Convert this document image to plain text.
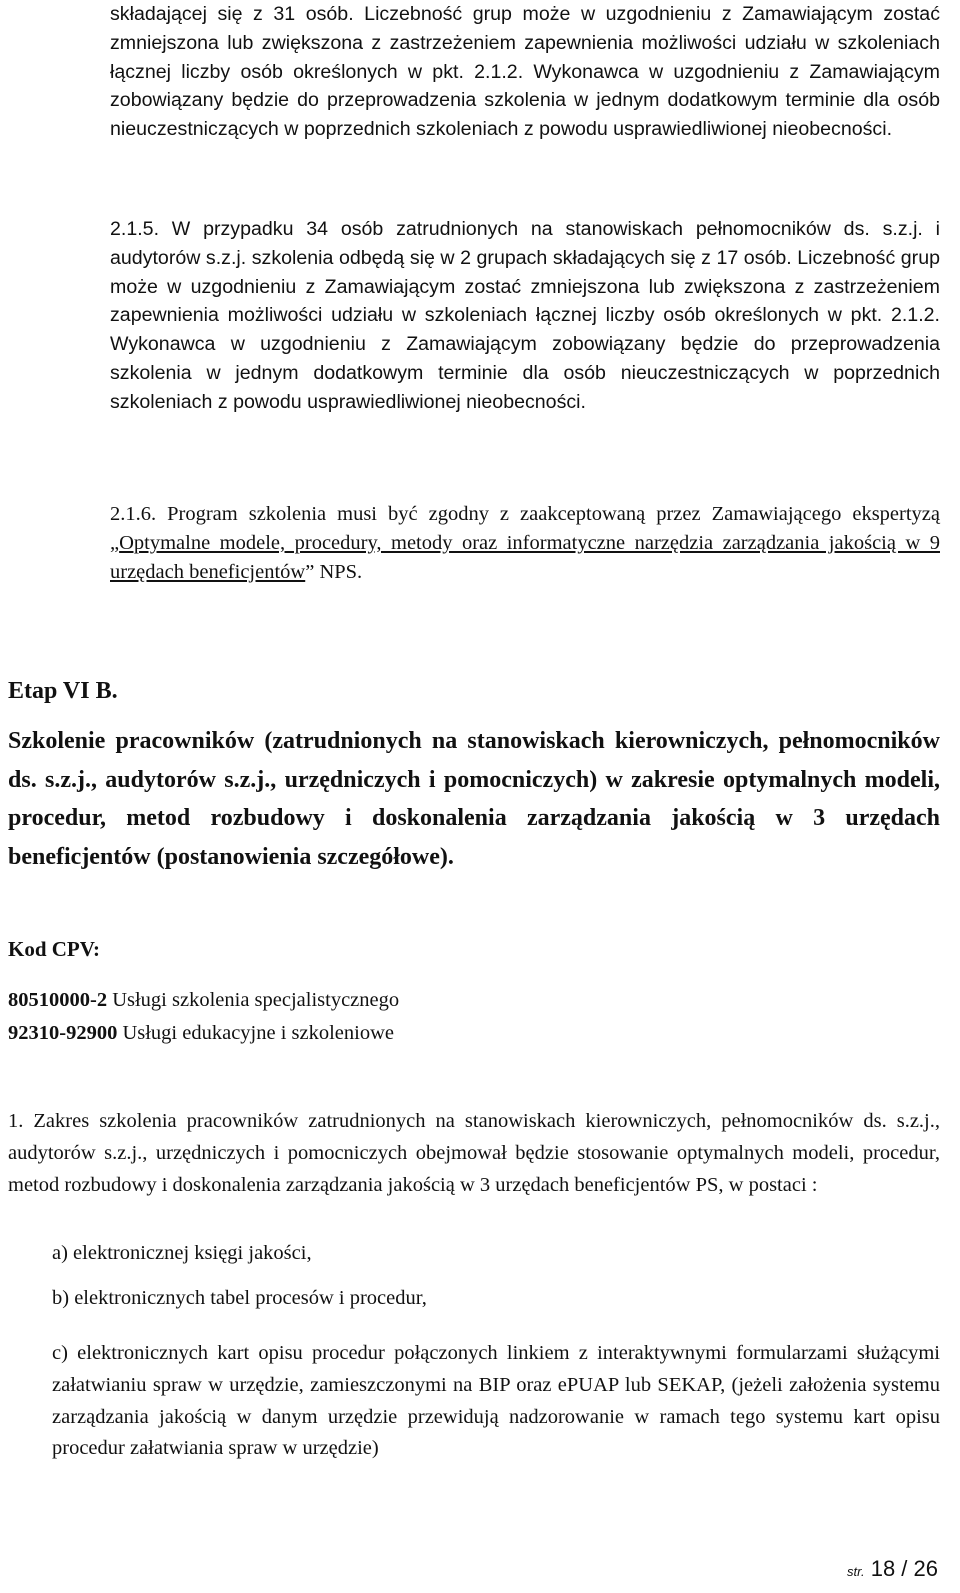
składającej się z 31 osób. Liczebność grup może w uzgodnieniu z Zamawiającym zostać zmniejszona lub zwiększona z zastrzeżeniem zapewnienia możliwości udziału w szkoleniach łącznej liczby osób określonych w pkt. 2.1.2. Wykonawca w uzgodnieniu z Zamawiającym zobowiązany będzie do przeprowadzenia szkolenia w jednym dodatkowym terminie dla osób nieuczestniczących w poprzednich szkoleniach z powodu usprawiedliwionej nieobecności.

2.1.5. W przypadku 34 osób zatrudnionych na stanowiskach pełnomocników ds. s.z.j. i audytorów s.z.j. szkolenia odbędą się w 2 grupach składających się z 17 osób. Liczebność grup może w uzgodnieniu z Zamawiającym zostać zmniejszona lub zwiększona z zastrzeżeniem zapewnienia możliwości udziału w szkoleniach łącznej liczby osób określonych w pkt. 2.1.2. Wykonawca w uzgodnieniu z Zamawiającym zobowiązany będzie do przeprowadzenia szkolenia w jednym dodatkowym terminie dla osób nieuczestniczących w poprzednich szkoleniach z powodu usprawiedliwionej nieobecności.

2.1.6. Program szkolenia musi być zgodny z zaakceptowaną przez Zamawiającego ekspertyzą „Optymalne modele, procedury, metody oraz informatyczne narzędzia zarządzania jakością w 9 urzędach beneficjentów” NPS.

Etap VI B.
Szkolenie pracowników (zatrudnionych na stanowiskach kierowniczych, pełnomocników ds. s.z.j., audytorów s.z.j., urzędniczych i pomocniczych) w zakresie optymalnych modeli, procedur, metod rozbudowy i doskonalenia zarządzania jakością w 3 urzędach beneficjentów (postanowienia szczegółowe).
Kod CPV:
80510000-2 Usługi szkolenia specjalistycznego
92310-92900 Usługi edukacyjne i szkoleniowe

1. Zakres szkolenia pracowników zatrudnionych na stanowiskach kierowniczych, pełnomocników ds. s.z.j., audytorów s.z.j., urzędniczych i pomocniczych obejmował będzie stosowanie optymalnych modeli, procedur, metod rozbudowy i doskonalenia zarządzania jakością w 3 urzędach beneficjentów PS, w postaci :

a) elektronicznej księgi jakości,

b) elektronicznych tabel procesów i procedur,

c) elektronicznych kart opisu procedur połączonych linkiem z interaktywnymi formularzami służącymi załatwianiu spraw w urzędzie, zamieszczonymi na BIP oraz ePUAP lub SEKAP, (jeżeli założenia systemu zarządzania jakością w danym urzędzie przewidują nadzorowanie w ramach tego systemu kart opisu procedur załatwiania spraw w urzędzie)

str. 18 / 26
